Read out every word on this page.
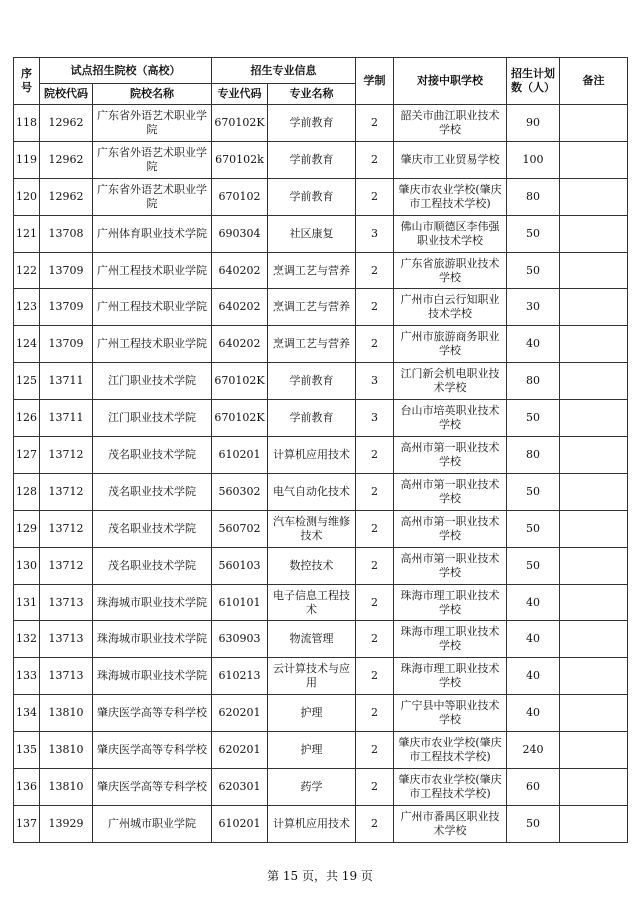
序号	试点招生院校（高校）		招生专业信息		学制	对接中职学校	招生计划数（人）	备注
	院校代码	院校名称	专业代码	专业名称				
118	12962	广东省外语艺术职业学院	670102K	学前教育	2	韶关市曲江职业技术学校	90	
119	12962	广东省外语艺术职业学院	670102k	学前教育	2	肇庆市工业贸易学校	100	
120	12962	广东省外语艺术职业学院	670102	学前教育	2	肇庆市农业学校(肇庆市工程技术学校)	80	
121	13708	广州体育职业技术学院	690304	社区康复	3	佛山市顺德区李伟强职业技术学校	50	
122	13709	广州工程技术职业学院	640202	烹调工艺与营养	2	广东省旅游职业技术学校	50	
123	13709	广州工程技术职业学院	640202	烹调工艺与营养	2	广州市白云行知职业技术学校	30	
124	13709	广州工程技术职业学院	640202	烹调工艺与营养	2	广州市旅游商务职业学校	40	
125	13711	江门职业技术学院	670102K	学前教育	3	江门新会机电职业技术学校	80	
126	13711	江门职业技术学院	670102K	学前教育	3	台山市培英职业技术学校	50	
127	13712	茂名职业技术学院	610201	计算机应用技术	2	高州市第一职业技术学校	80	
128	13712	茂名职业技术学院	560302	电气自动化技术	2	高州市第一职业技术学校	50	
129	13712	茂名职业技术学院	560702	汽车检测与维修技术	2	高州市第一职业技术学校	50	
130	13712	茂名职业技术学院	560103	数控技术	2	高州市第一职业技术学校	50	
131	13713	珠海城市职业技术学院	610101	电子信息工程技术	2	珠海市理工职业技术学校	40	
132	13713	珠海城市职业技术学院	630903	物流管理	2	珠海市理工职业技术学校	40	
133	13713	珠海城市职业技术学院	610213	云计算技术与应用	2	珠海市理工职业技术学校	40	
134	13810	肇庆医学高等专科学校	620201	护理	2	广宁县中等职业技术学校	40	
135	13810	肇庆医学高等专科学校	620201	护理	2	肇庆市农业学校(肇庆市工程技术学校)	240	
136	13810	肇庆医学高等专科学校	620301	药学	2	肇庆市农业学校(肇庆市工程技术学校)	60	
137	13929	广州城市职业学院	610201	计算机应用技术	2	广州市番禺区职业技术学校	50	
第 15 页，共 19 页
